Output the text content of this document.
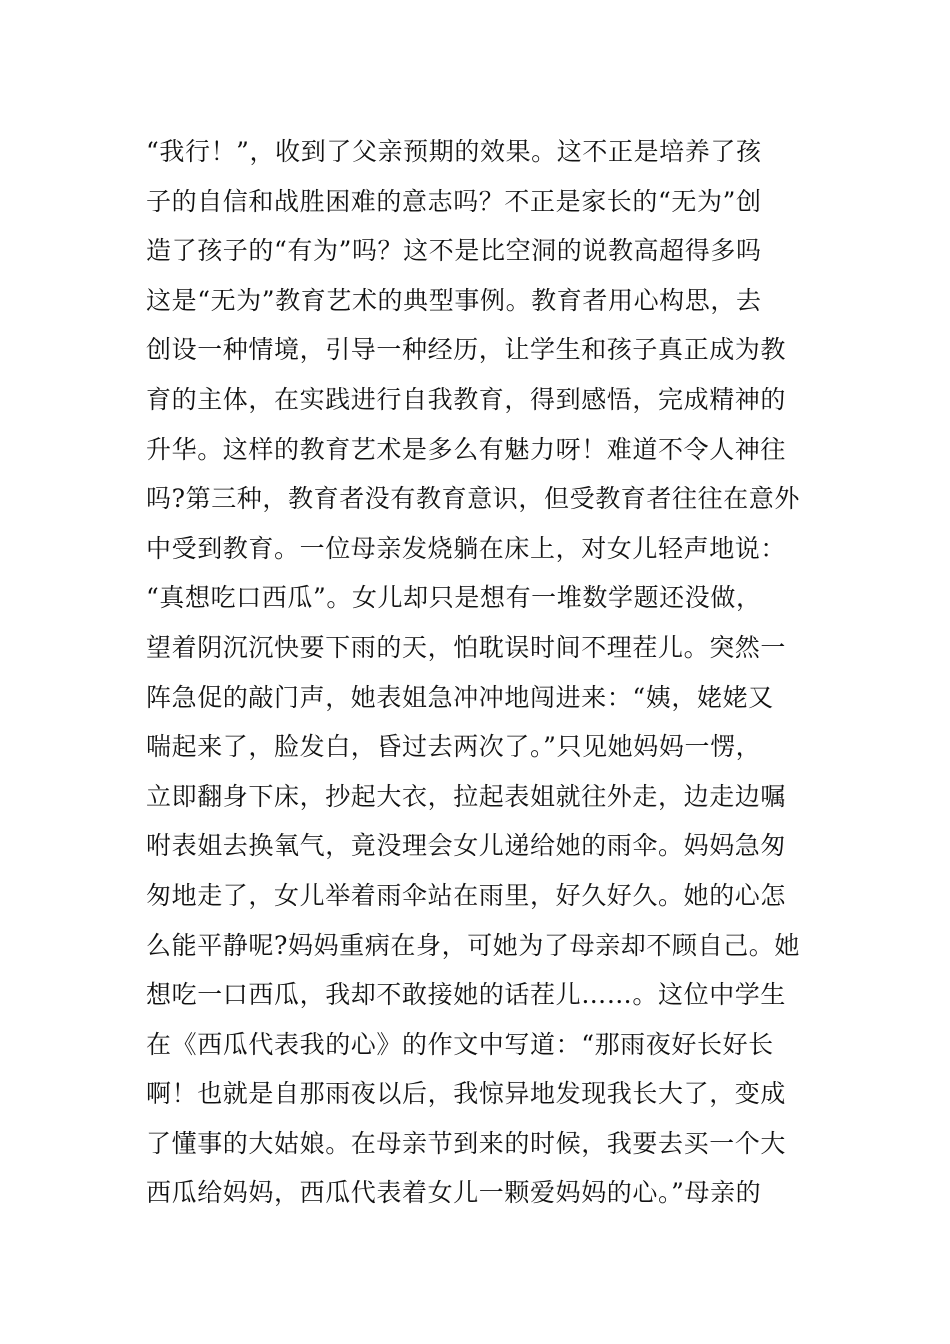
“我行！”，收到了父亲预期的效果。这不正是培养了孩
子的自信和战胜困难的意志吗？不正是家长的“无为”创
造了孩子的“有为”吗？这不是比空洞的说教高超得多吗
这是“无为”教育艺术的典型事例。教育者用心构思，去
创设一种情境，引导一种经历，让学生和孩子真正成为教
育的主体，在实践进行自我教育，得到感悟，完成精神的
升华。这样的教育艺术是多么有魅力呀！难道不令人神往
吗?第三种，教育者没有教育意识，但受教育者往往在意外
中受到教育。一位母亲发烧躺在床上，对女儿轻声地说：
“真想吃口西瓜”。女儿却只是想有一堆数学题还没做，
望着阴沉沉快要下雨的天，怕耽误时间不理茬儿。突然一
阵急促的敲门声，她表姐急冲冲地闯进来：“姨，姥姥又
喘起来了，脸发白，昏过去两次了。”只见她妈妈一愣，
立即翻身下床，抄起大衣，拉起表姐就往外走，边走边嘱
咐表姐去换氧气，竟没理会女儿递给她的雨伞。妈妈急匆
匆地走了，女儿举着雨伞站在雨里，好久好久。她的心怎
么能平静呢?妈妈重病在身，可她为了母亲却不顾自己。她
想吃一口西瓜，我却不敢接她的话茬儿……。这位中学生
在《西瓜代表我的心》的作文中写道：“那雨夜好长好长
啊！也就是自那雨夜以后，我惊异地发现我长大了，变成
了懂事的大姑娘。在母亲节到来的时候，我要去买一个大
西瓜给妈妈，西瓜代表着女儿一颗爱妈妈的心。”母亲的
